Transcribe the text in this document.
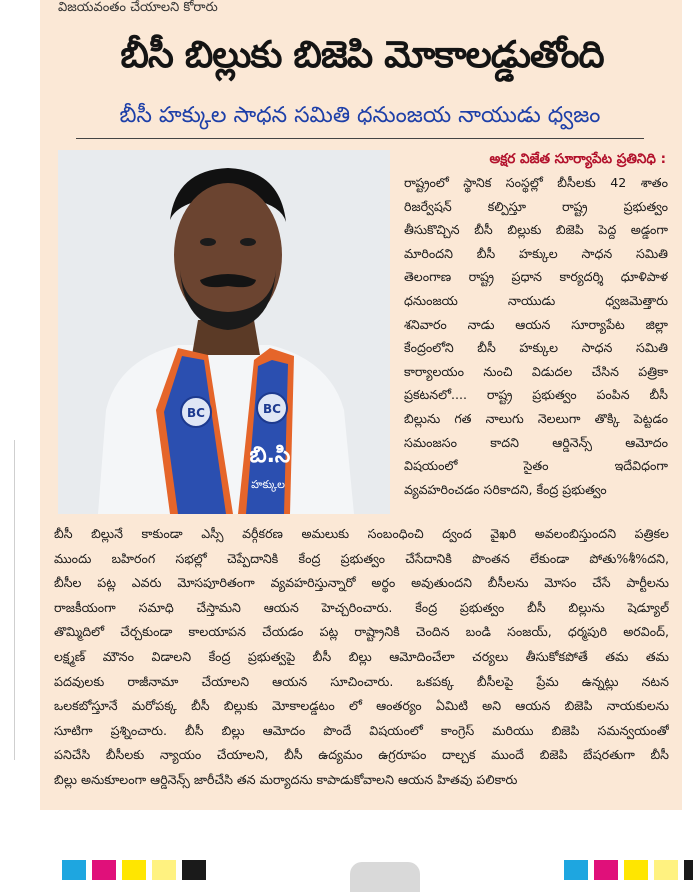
విజయవంతం చేయాలని కోరారు
బీసీ బిల్లుకు బిజెపి మోకాలడ్డుతోంది
బీసీ హక్కుల సాధన సమితి ధనుంజయ నాయుడు ధ్వజం
BC	BC
బి.సి
హక్కుల
అక్షర విజేత సూర్యాపేట ప్రతినిధి :
రాష్ట్రంలో స్థానిక సంస్థల్లో బీసీలకు 42 శాతం
రిజర్వేషన్ కల్పిస్తూ రాష్ట్ర ప్రభుత్వం
తీసుకొచ్చిన బీసీ బిల్లుకు బిజెపి పెద్ద అడ్డంగా
మారిందని బీసీ హక్కుల సాధన సమితి
తెలంగాణ రాష్ట్ర ప్రధాన కార్యదర్శి ధూళిపాళ
ధనుంజయ నాయుడు ధ్వజమెత్తారు
శనివారం నాడు ఆయన సూర్యాపేట జిల్లా
కేంద్రంలోని బీసీ హక్కుల సాధన సమితి
కార్యాలయం నుంచి విడుదల చేసిన పత్రికా
ప్రకటనలో.... రాష్ట్ర ప్రభుత్వం పంపిన బీసీ
బిల్లును గత నాలుగు నెలలుగా తొక్కి పెట్టడం
సమంజసం కాదని ఆర్డినెన్స్ ఆమోదం
విషయంలో సైతం ఇదేవిధంగా
వ్యవహరించడం సరికాదని, కేంద్ర ప్రభుత్వం
బీసీ బిల్లునే కాకుండా ఎస్సీ వర్గీకరణ అమలుకు సంబంధించి ద్వంద వైఖరి అవలంబిస్తుందని పత్రికల
ముందు బహిరంగ సభల్లో చెప్పేదానికి కేంద్ర ప్రభుత్వం చేసేదానికి పొంతన లేకుండా పోతు%శీ%దని,
బీసీల పట్ల ఎవరు మోసపూరితంగా వ్యవహరిస్తున్నారో అర్థం అవుతుందని బీసీలను మోసం చేసే పార్టీలను
రాజకీయంగా సమాధి చేస్తామని ఆయన హెచ్చరించారు. కేంద్ర ప్రభుత్వం బీసీ బిల్లును షెడ్యూల్
తొమ్మిదిలో చేర్చకుండా కాలయాపన చేయడం పట్ల రాష్ట్రానికి చెందిన బండి సంజయ్, ధర్మపురి అరవింద్,
లక్ష్మణ్ మౌనం విడాలని కేంద్ర ప్రభుత్వపై బీసీ బిల్లు ఆమోదించేలా చర్యలు తీసుకోకపోతే తమ తమ
పదవులకు రాజీనామా చేయాలని ఆయన సూచించారు. ఒకపక్క బీసీలపై ప్రేమ ఉన్నట్లు నటన
ఒలకబోస్తూనే మరోపక్క బీసీ బిల్లుకు మోకాలడ్డటం లో ఆంతర్యం ఏమిటి అని ఆయన బిజెపి నాయకులను
సూటిగా ప్రశ్నించారు. బీసీ బిల్లు ఆమోదం పొందే విషయంలో కాంగ్రెస్ మరియు బిజెపి సమన్వయంతో
పనిచేసి బీసీలకు న్యాయం చేయాలని, బీసీ ఉద్యమం ఉగ్రరూపం దాల్చక ముందే బిజెపి బేషరతుగా బీసీ
బిల్లు అనుకూలంగా ఆర్డినెన్స్ జారీచేసి తన మర్యాదను కాపాడుకోవాలని ఆయన హితవు పలికారు
